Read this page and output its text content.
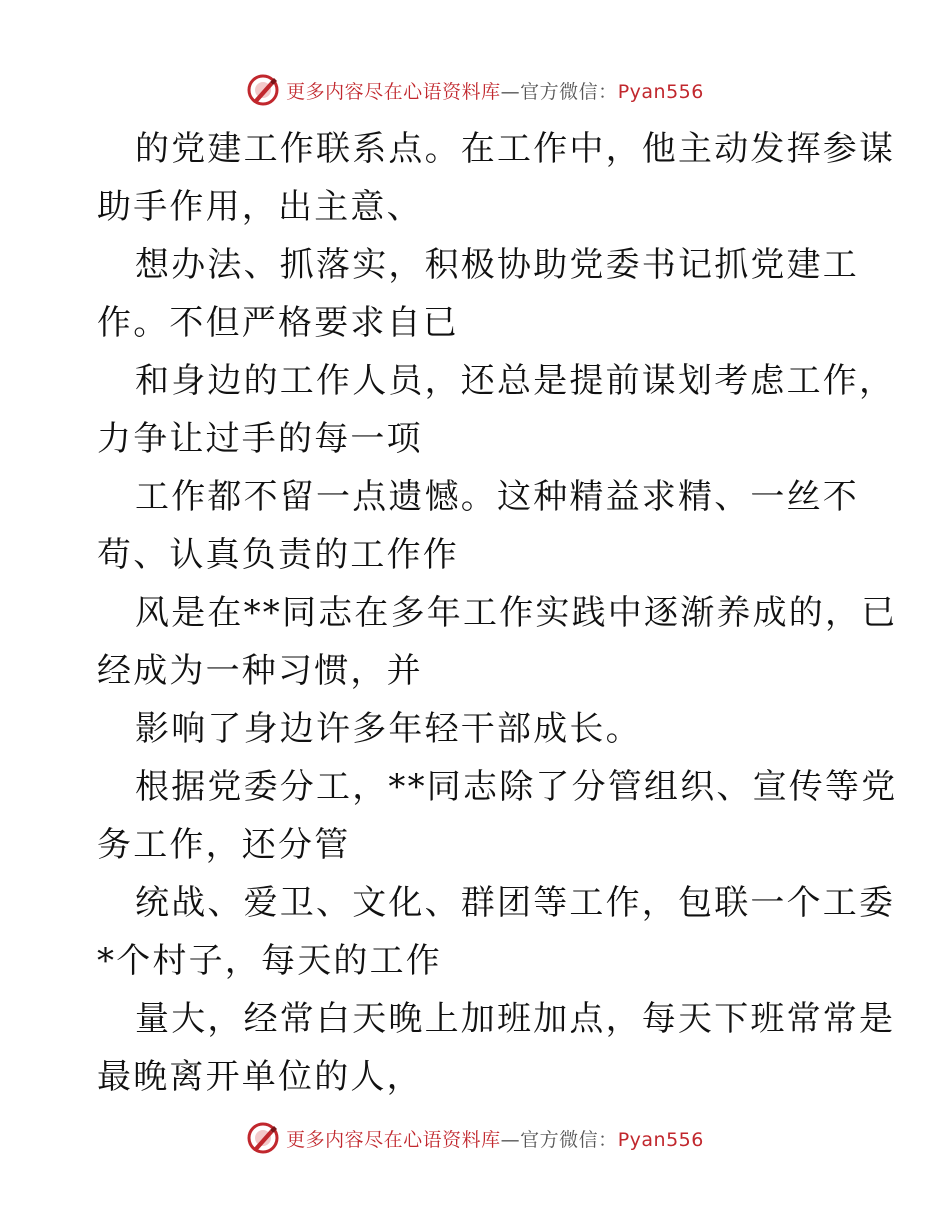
更多内容尽在心语资料库—官方微信：Pyan556
的党建工作联系点。在工作中，他主动发挥参谋
助手作用，出主意、
想办法、抓落实，积极协助党委书记抓党建工
作。不但严格要求自已
和身边的工作人员，还总是提前谋划考虑工作，
力争让过手的每一项
工作都不留一点遗憾。这种精益求精、一丝不
苟、认真负责的工作作
风是在**同志在多年工作实践中逐渐养成的，已
经成为一种习惯，并
影响了身边许多年轻干部成长。
根据党委分工，**同志除了分管组织、宣传等党
务工作，还分管
统战、爱卫、文化、群团等工作，包联一个工委
*个村子，每天的工作
量大，经常白天晚上加班加点，每天下班常常是
最晚离开单位的人，
更多内容尽在心语资料库—官方微信：Pyan556
